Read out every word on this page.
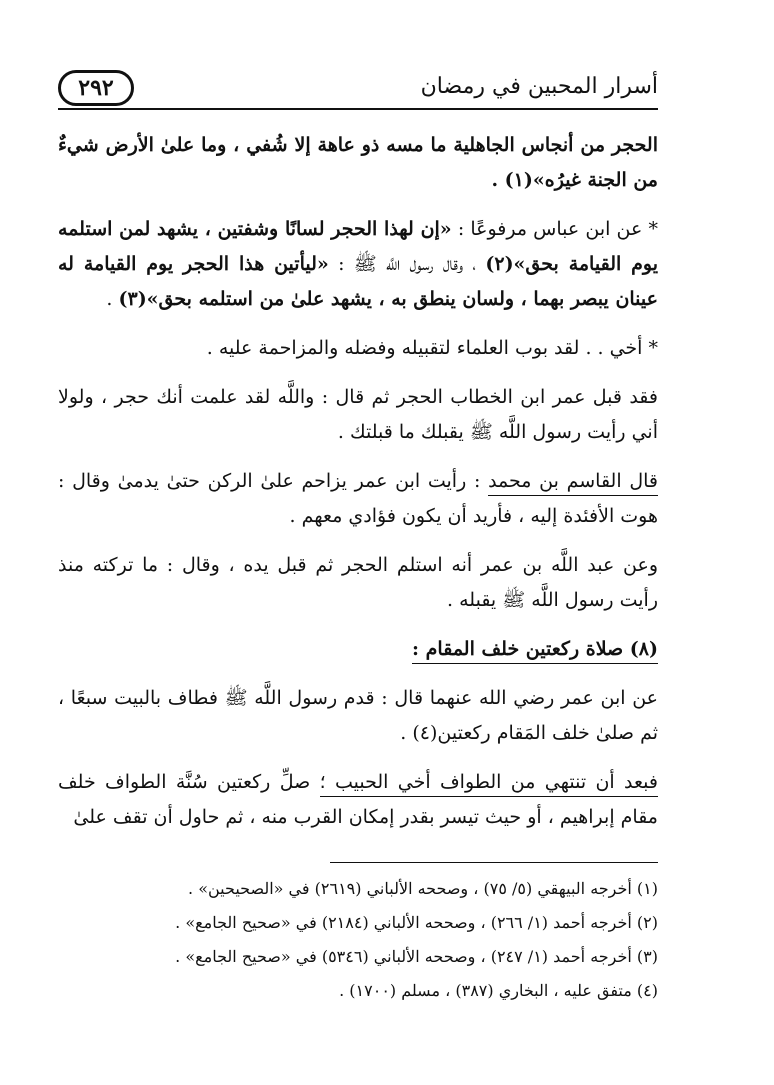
٢٩٢	أسرار المحبين في رمضان

الحجر من أنجاس الجاهلية ما مسه ذو عاهة إلا شُفي ، وما علىٰ الأرض شيءٌ من الجنة غيرُه»(١) .

* عن ابن عباس مرفوعًا : «إن لهذا الحجر لسانًا وشفتين ، يشهد لمن استلمه يوم القيامة بحق»(٢) ، وقال رسول اللَّه ﷺ : «ليأتين هذا الحجر يوم القيامة له عينان يبصر بهما ، ولسان ينطق به ، يشهد علىٰ من استلمه بحق»(٣) .

* أخي . . لقد بوب العلماء لتقبيله وفضله والمزاحمة عليه .

فقد قبل عمر ابن الخطاب الحجر ثم قال : واللَّه لقد علمت أنك حجر ، ولولا أني رأيت رسول اللَّه ﷺ يقبلك ما قبلتك .

قال القاسم بن محمد : رأيت ابن عمر يزاحم علىٰ الركن حتىٰ يدمىٰ وقال : هوت الأفئدة إليه ، فأريد أن يكون فؤادي معهم .

وعن عبد اللَّه بن عمر أنه استلم الحجر ثم قبل يده ، وقال : ما تركته منذ رأيت رسول اللَّه ﷺ يقبله .

(٨) صلاة ركعتين خلف المقام :

عن ابن عمر رضي الله عنهما قال : قدم رسول اللَّه ﷺ فطاف بالبيت سبعًا ، ثم صلىٰ خلف المَقام ركعتين(٤) .

فبعد أن تنتهي من الطواف أخي الحبيب ؛ صلِّ ركعتين سُنَّة الطواف خلف مقام إبراهيم ، أو حيث تيسر بقدر إمكان القرب منه ، ثم حاول أن تقف علىٰ

(١) أخرجه البيهقي (٥/ ٧٥) ، وصححه الألباني (٢٦١٩) في «الصحيحين» .
(٢) أخرجه أحمد (١/ ٢٦٦) ، وصححه الألباني (٢١٨٤) في «صحيح الجامع» .
(٣) أخرجه أحمد (١/ ٢٤٧) ، وصححه الألباني (٥٣٤٦) في «صحيح الجامع» .
(٤) متفق عليه ، البخاري (٣٨٧) ، مسلم (١٧٠٠) .
